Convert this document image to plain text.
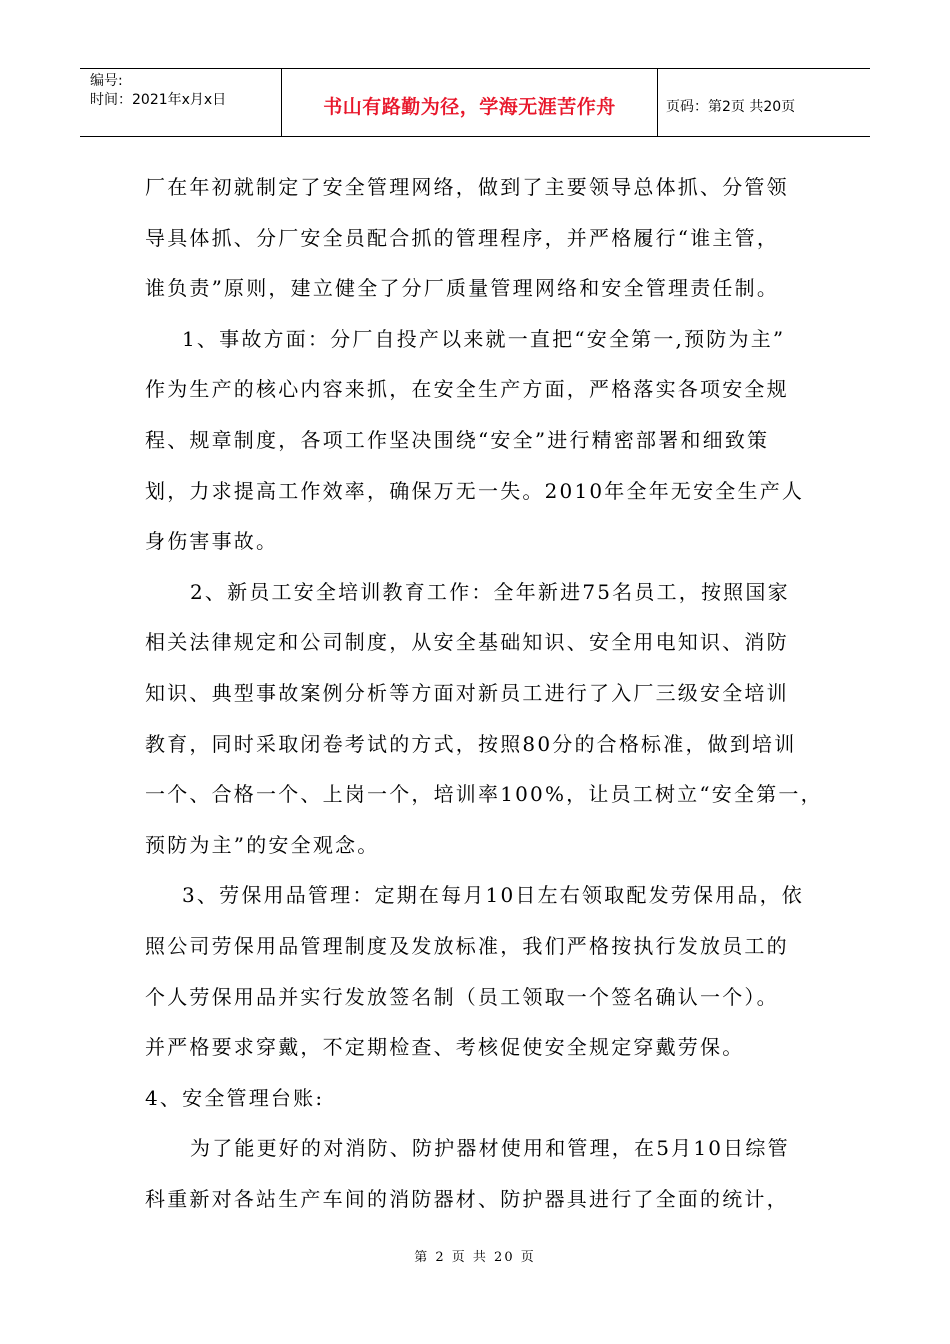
编号:
时间：2021年x月x日	书山有路勤为径，学海无涯苦作舟	页码：第2页 共20页
厂在年初就制定了安全管理网络，做到了主要领导总体抓、分管领
导具体抓、分厂安全员配合抓的管理程序，并严格履行“谁主管，
谁负责”原则，建立健全了分厂质量管理网络和安全管理责任制。
1、事故方面：分厂自投产以来就一直把“安全第一,预防为主”
作为生产的核心内容来抓，在安全生产方面，严格落实各项安全规
程、规章制度，各项工作坚决围绕“安全”进行精密部署和细致策
划，力求提高工作效率，确保万无一失。2010年全年无安全生产人
身伤害事故。
2、新员工安全培训教育工作：全年新进75名员工，按照国家
相关法律规定和公司制度，从安全基础知识、安全用电知识、消防
知识、典型事故案例分析等方面对新员工进行了入厂三级安全培训
教育，同时采取闭卷考试的方式，按照80分的合格标准，做到培训
一个、合格一个、上岗一个，培训率100%，让员工树立“安全第一，
预防为主”的安全观念。
3、劳保用品管理：定期在每月10日左右领取配发劳保用品，依
照公司劳保用品管理制度及发放标准，我们严格按执行发放员工的
个人劳保用品并实行发放签名制（员工领取一个签名确认一个）。
并严格要求穿戴，不定期检查、考核促使安全规定穿戴劳保。
4、安全管理台账:
为了能更好的对消防、防护器材使用和管理，在5月10日综管
科重新对各站生产车间的消防器材、防护器具进行了全面的统计，
第 2 页 共 20 页
